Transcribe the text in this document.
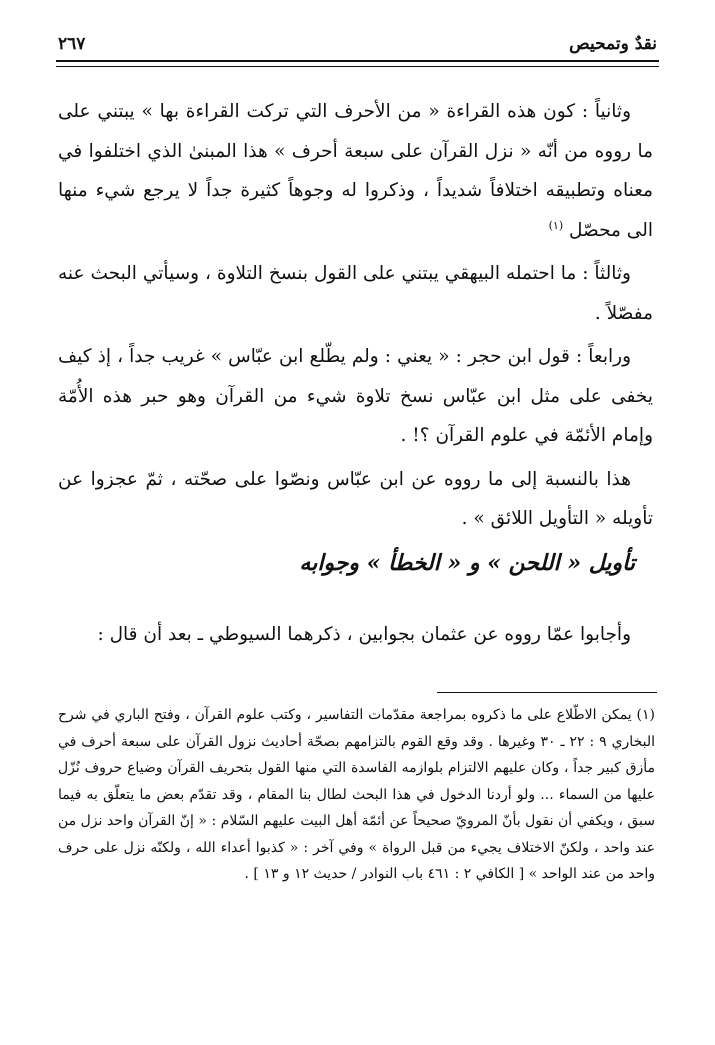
نقدٌ وتمحيص
٢٦٧

وثانياً : كون هذه القراءة « من الأحرف التي تركت القراءة بها » يبتني على ما رووه من أنّه « نزل القرآن على سبعة أحرف » هذا المبنىٰ الذي اختلفوا في معناه وتطبيقه اختلافاً شديداً ، وذكروا له وجوهاً كثيرة جداً لا يرجع شيء منها الى محصّل $^{(١)}$

وثالثاً : ما احتمله البيهقي يبتني على القول بنسخ التلاوة ، وسيأتي البحث عنه مفصّلاً .

ورابعاً : قول ابن حجر : « يعني : ولم يطّلع ابن عبّاس » غريب جداً ، إذ كيف يخفى على مثل ابن عبّاس نسخ تلاوة شيء من القرآن وهو حبر هذه الأُمّة وإمام الأئمّة في علوم القرآن ؟! .

هذا بالنسبة إلى ما رووه عن ابن عبّاس ونصّوا على صحّته ، ثمّ عجزوا عن تأويله « التأويل اللائق » .

تأويل « اللحن » و « الخطأ » وجوابه
وأجابوا عمّا رووه عن عثمان بجوابين ، ذكرهما السيوطي ـ بعد أن قال :
(١) يمكن الاطّلاع على ما ذكروه بمراجعة مقدّمات التفاسير ، وكتب علوم القرآن ، وفتح الباري في شرح البخاري ٩ : ٢٢ ـ ٣٠ وغيرها . وقد وقع القوم بالتزامهم بصحّة أحاديث نزول القرآن على سبعة أحرف في مأزق كبير جداً ، وكان عليهم الالتزام بلوازمه الفاسدة التي منها القول بتحريف القرآن وضياع حروف نُزّل عليها من السماء ... ولو أردنا الدخول في هذا البحث لطال بنا المقام ، وقد تقدّم بعض ما يتعلّق به فيما سبق ، ويكفي أن نقول بأنّ المرويّ صحيحاً عن أئمّة أهل البيت عليهم السّلام : « إنّ القرآن واحد نزل من عند واحد ، ولكنّ الاختلاف يجيء من قبل الرواة » وفي آخر : « كذبوا أعداء الله ، ولكنّه نزل على حرف واحد من عند الواحد » [ الكافي ٢ : ٤٦١ باب النوادر / حديث ١٢ و ١٣ ] .
